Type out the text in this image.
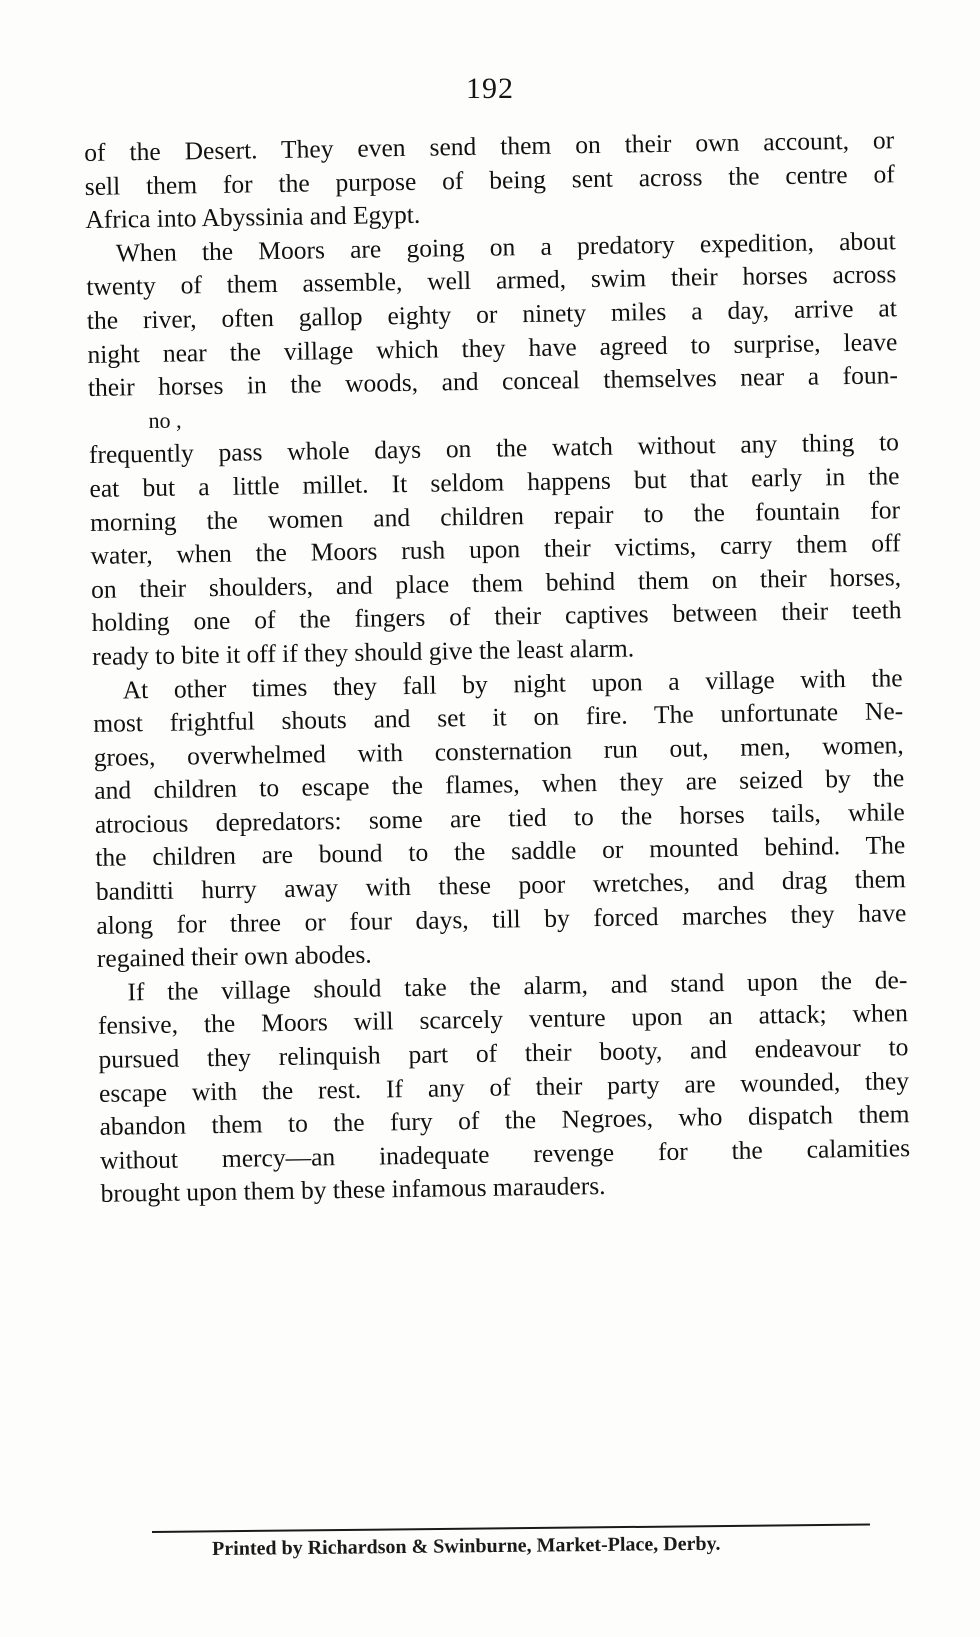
192
of the Desert. They even send them on their own account, or
sell them for the purpose of being sent across the centre of
Africa into Abyssinia and Egypt.
When the Moors are going on a predatory expedition, about
twenty of them assemble, well armed, swim their horses across
the river, often gallop eighty or ninety miles a day, arrive at
night near the village which they have agreed to surprise, leave
their horses in the woods, and conceal themselves near a foun-
no ,
frequently pass whole days on the watch without any thing to
eat but a little millet. It seldom happens but that early in the
morning the women and children repair to the fountain for
water, when the Moors rush upon their victims, carry them off
on their shoulders, and place them behind them on their horses,
holding one of the fingers of their captives between their teeth
ready to bite it off if they should give the least alarm.
At other times they fall by night upon a village with the
most frightful shouts and set it on fire. The unfortunate Ne-
groes, overwhelmed with consternation run out, men, women,
and children to escape the flames, when they are seized by the
atrocious depredators: some are tied to the horses tails, while
the children are bound to the saddle or mounted behind. The
banditti hurry away with these poor wretches, and drag them
along for three or four days, till by forced marches they have
regained their own abodes.
If the village should take the alarm, and stand upon the de-
fensive, the Moors will scarcely venture upon an attack; when
pursued they relinquish part of their booty, and endeavour to
escape with the rest. If any of their party are wounded, they
abandon them to the fury of the Negroes, who dispatch them
without mercy—an inadequate revenge for the calamities
brought upon them by these infamous marauders.
Printed by Richardson & Swinburne, Market-Place, Derby.
